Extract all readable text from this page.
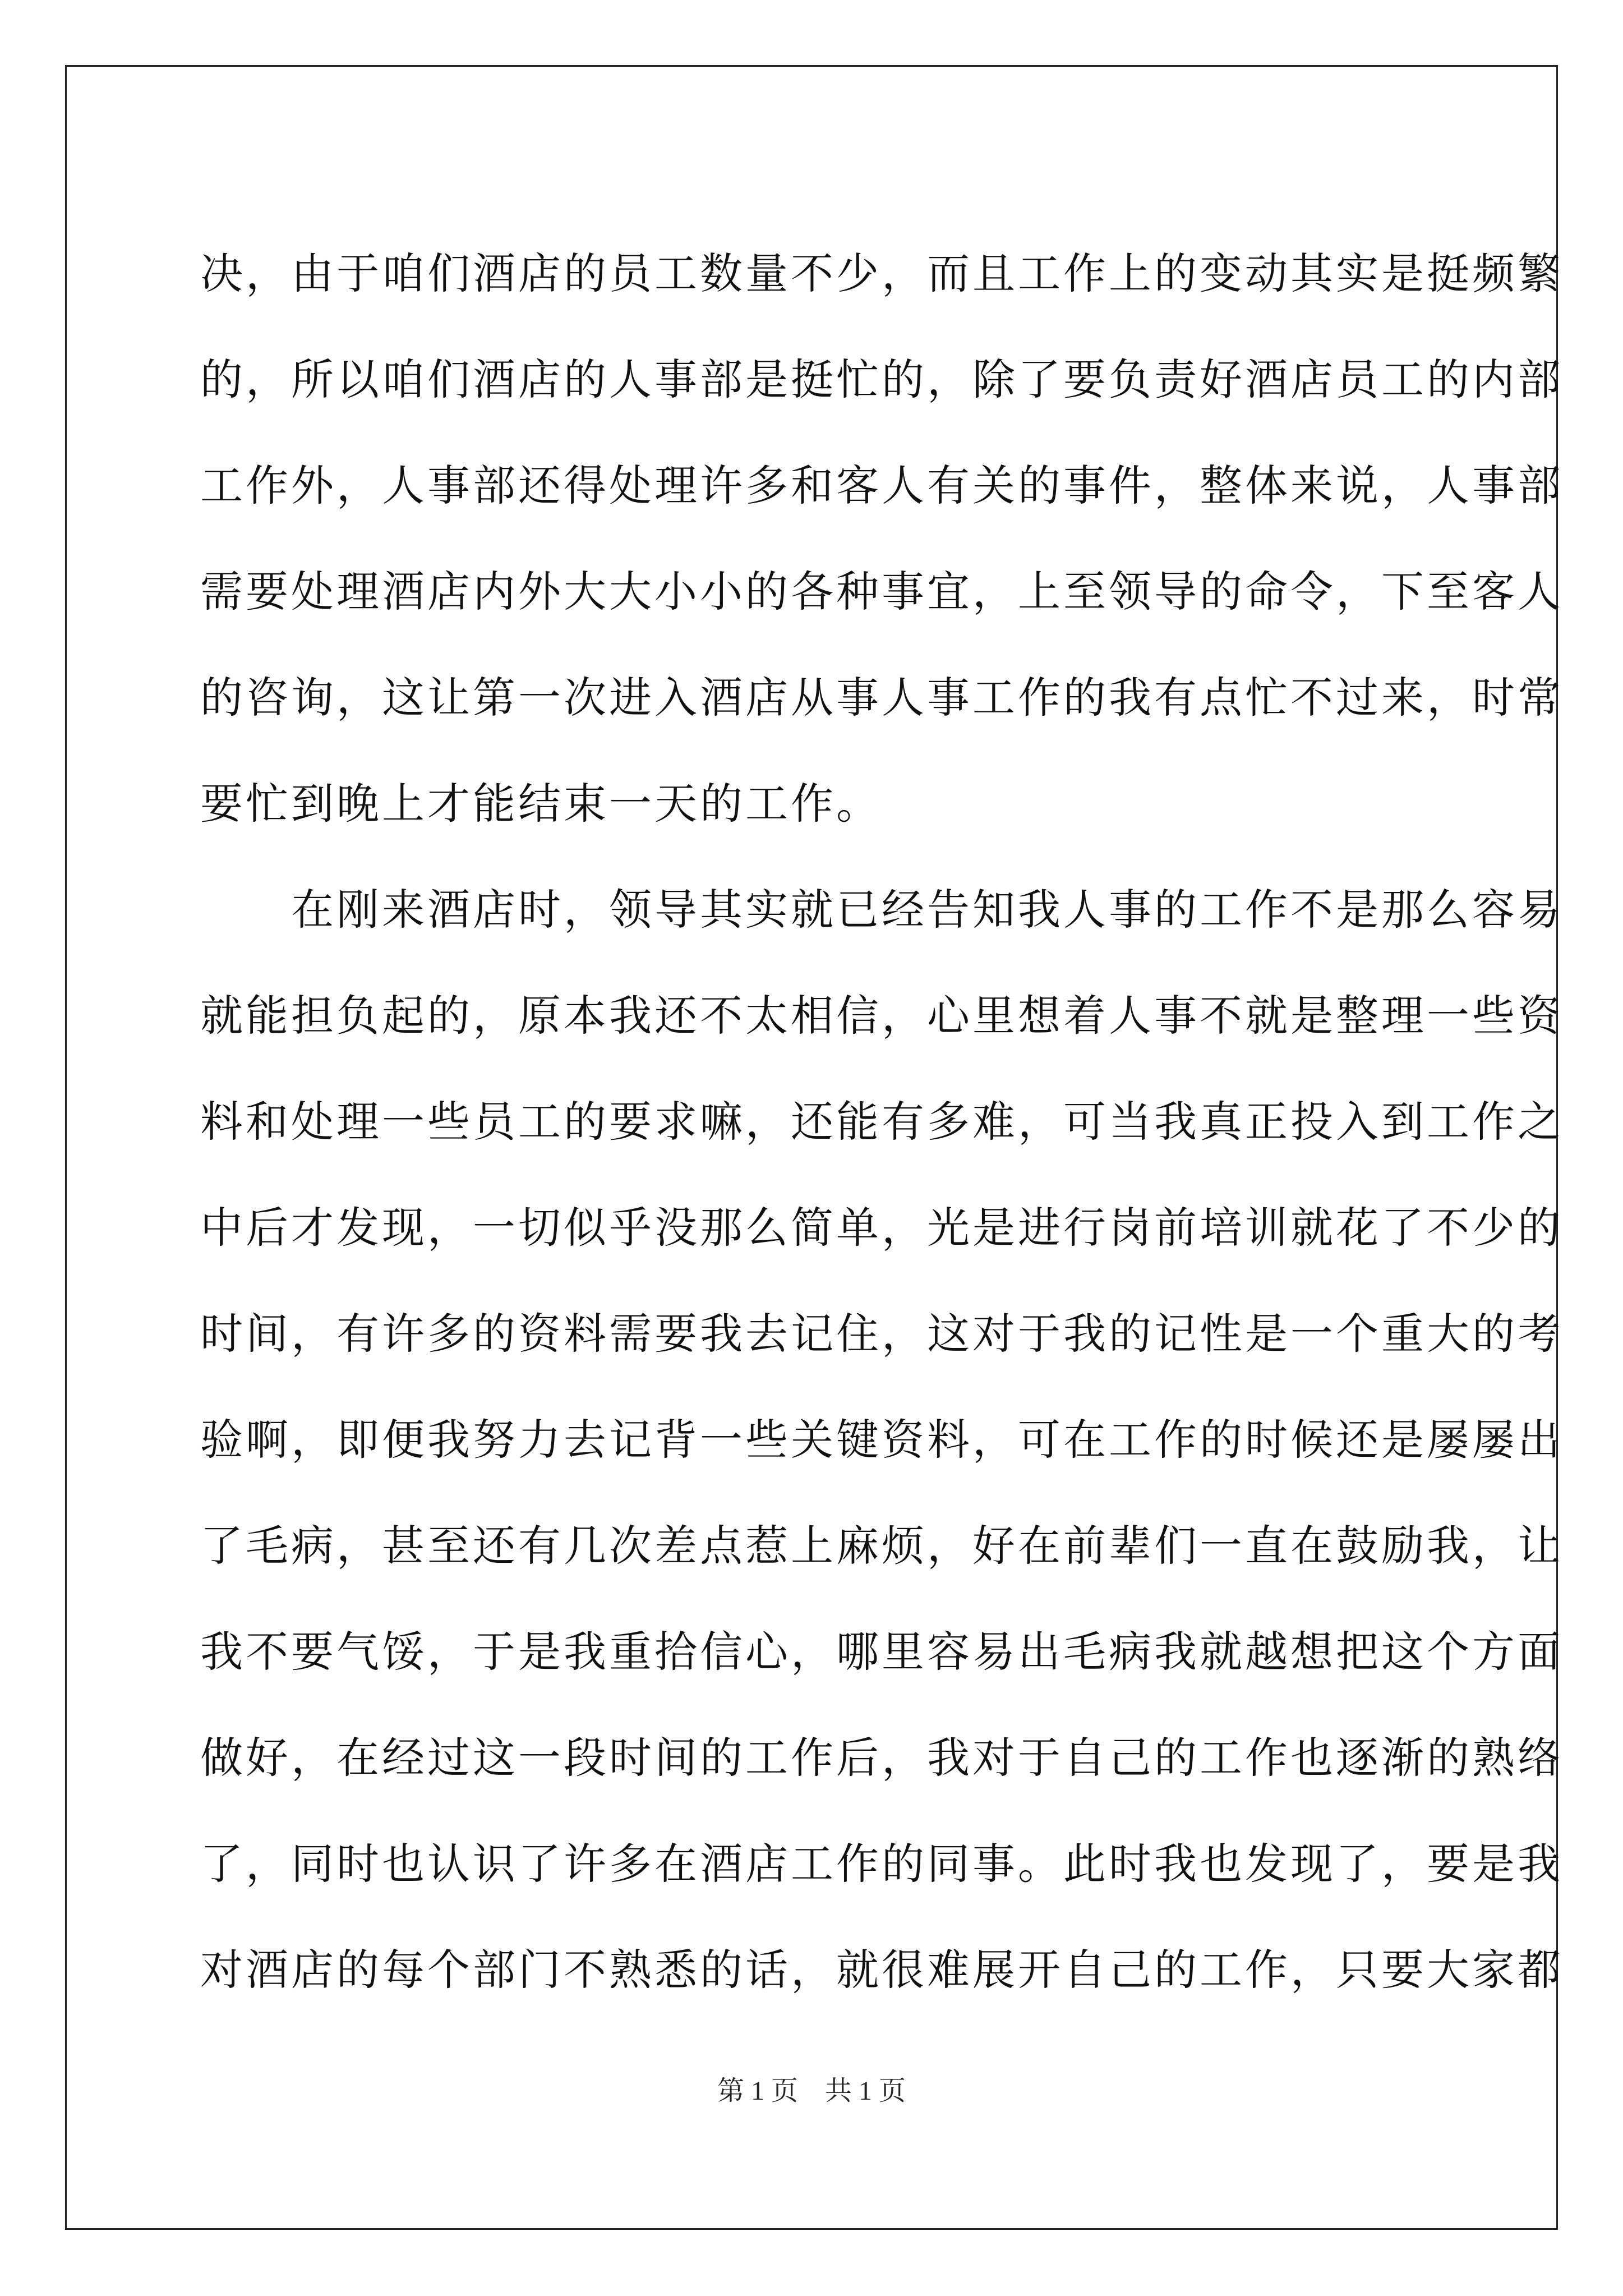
决，由于咱们酒店的员工数量不少，而且工作上的变动其实是挺频繁

的，所以咱们酒店的人事部是挺忙的，除了要负责好酒店员工的内部

工作外，人事部还得处理许多和客人有关的事件，整体来说，人事部

需要处理酒店内外大大小小的各种事宜，上至领导的命令，下至客人

的咨询，这让第一次进入酒店从事人事工作的我有点忙不过来，时常

要忙到晚上才能结束一天的工作。

　　在刚来酒店时，领导其实就已经告知我人事的工作不是那么容易

就能担负起的，原本我还不太相信，心里想着人事不就是整理一些资

料和处理一些员工的要求嘛，还能有多难，可当我真正投入到工作之

中后才发现，一切似乎没那么简单，光是进行岗前培训就花了不少的

时间，有许多的资料需要我去记住，这对于我的记性是一个重大的考

验啊，即便我努力去记背一些关键资料，可在工作的时候还是屡屡出

了毛病，甚至还有几次差点惹上麻烦，好在前辈们一直在鼓励我，让

我不要气馁，于是我重拾信心，哪里容易出毛病我就越想把这个方面

做好，在经过这一段时间的工作后，我对于自己的工作也逐渐的熟络

了，同时也认识了许多在酒店工作的同事。此时我也发现了，要是我

对酒店的每个部门不熟悉的话，就很难展开自己的工作，只要大家都

第 1 页　共 1 页
